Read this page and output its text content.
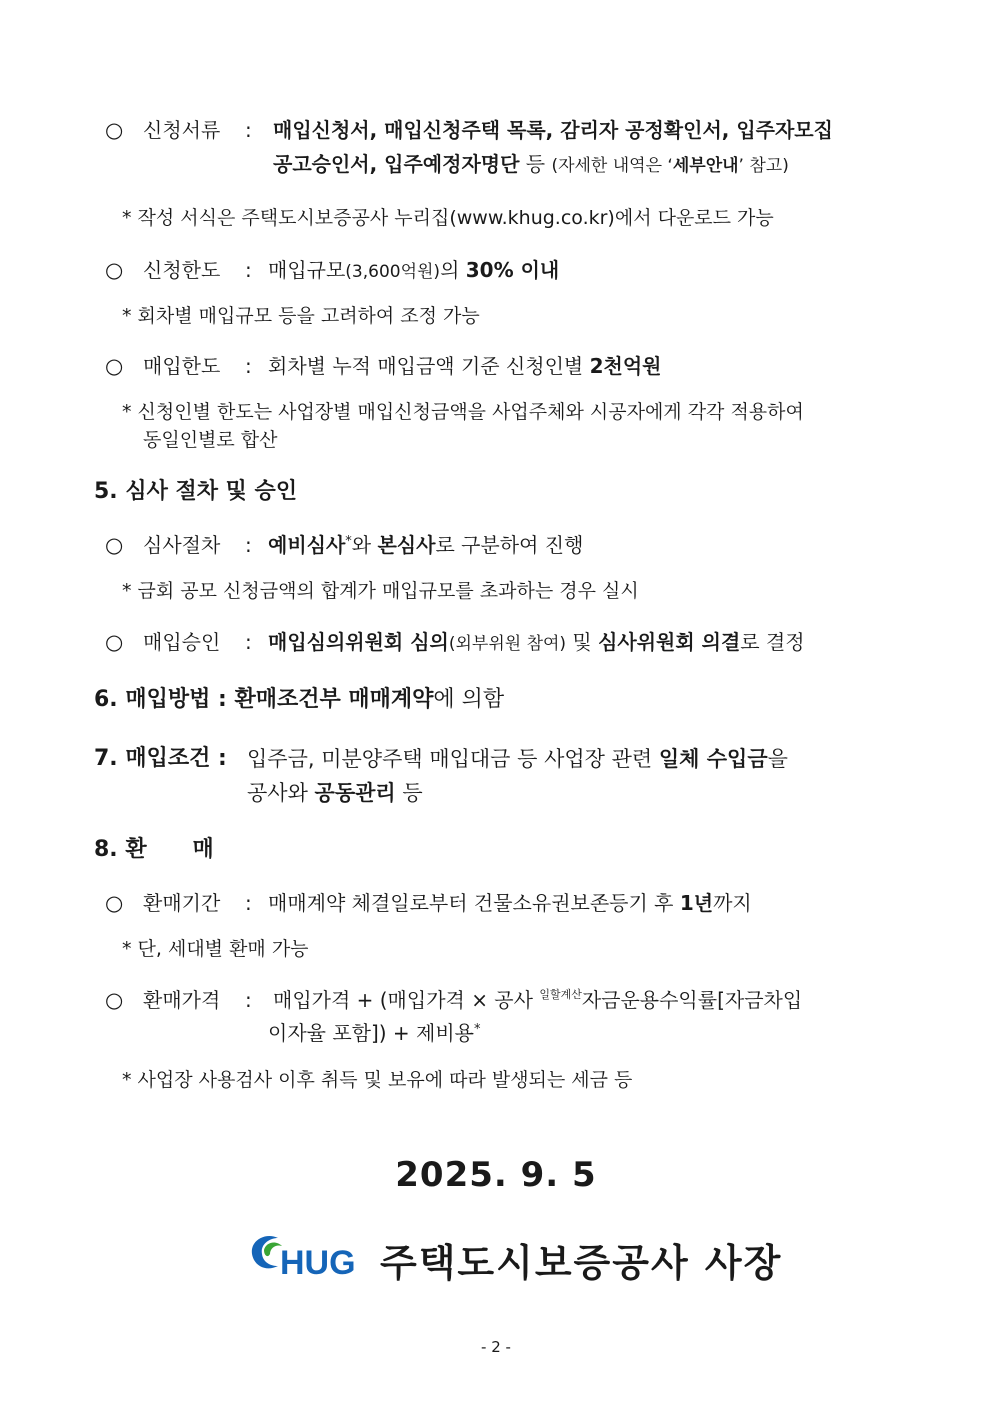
○ 신청서류 : 매입신청서, 매입신청주택 목록, 감리자 공정확인서, 입주자모집
공고승인서, 입주예정자명단 등 (자세한 내역은 ‘세부안내’ 참고)
* 작성 서식은 주택도시보증공사 누리집(www.khug.co.kr)에서 다운로드 가능
○ 신청한도 : 매입규모(3,600억원)의 30% 이내
* 회차별 매입규모 등을 고려하여 조정 가능
○ 매입한도 : 회차별 누적 매입금액 기준 신청인별 2천억원
* 신청인별 한도는 사업장별 매입신청금액을 사업주체와 시공자에게 각각 적용하여
동일인별로 합산
5. 심사 절차 및 승인
○ 심사절차 : 예비심사*와 본심사로 구분하여 진행
* 금회 공모 신청금액의 합계가 매입규모를 초과하는 경우 실시
○ 매입승인 : 매입심의위원회 심의(외부위원 참여) 및 심사위원회 의결로 결정
6. 매입방법 : 환매조건부 매매계약에 의함
7. 매입조건 : 입주금, 미분양주택 매입대금 등 사업장 관련 일체 수입금을
공사와 공동관리 등
8. 환      매
○ 환매기간 : 매매계약 체결일로부터 건물소유권보존등기 후 1년까지
* 단, 세대별 환매 가능
○ 환매가격 : 매입가격 + (매입가격 × 공사 $^{일할계산}$자금운용수익률[자금차입
이자율 포함]) + 제비용*
* 사업장 사용검사 이후 취득 및 보유에 따라 발생되는 세금 등
2025. 9. 5
HUG 주택도시보증공사 사장
- 2 -
